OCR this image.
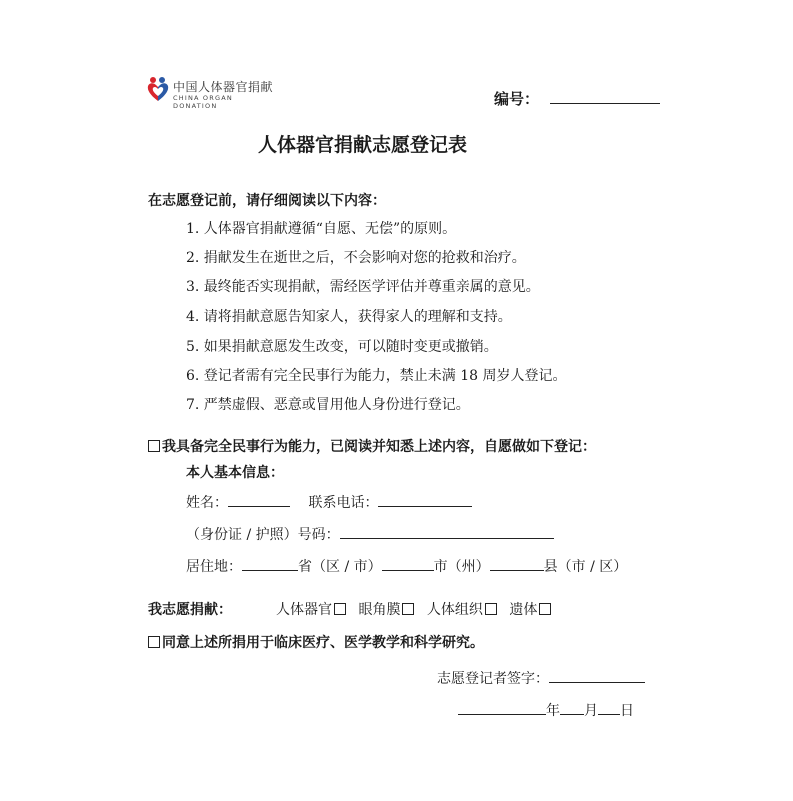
中国人体器官捐献
CHINA ORGAN DONATION	编号：
人体器官捐献志愿登记表
在志愿登记前，请仔细阅读以下内容：
1. 人体器官捐献遵循“自愿、无偿”的原则。
2. 捐献发生在逝世之后，不会影响对您的抢救和治疗。
3. 最终能否实现捐献，需经医学评估并尊重亲属的意见。
4. 请将捐献意愿告知家人，获得家人的理解和支持。
5. 如果捐献意愿发生改变，可以随时变更或撤销。
6. 登记者需有完全民事行为能力，禁止未满 18 周岁人登记。
7. 严禁虚假、恶意或冒用他人身份进行登记。
我具备完全民事行为能力，已阅读并知悉上述内容，自愿做如下登记：
本人基本信息：
姓名：	联系电话：
（身份证 / 护照）号码：
居住地：	省（区 / 市）	市（州）	县（市 / 区）
我志愿捐献：	人体器官 眼角膜 人体组织 遗体
同意上述所捐用于临床医疗、医学教学和科学研究。
志愿登记者签字：
年 月 日
